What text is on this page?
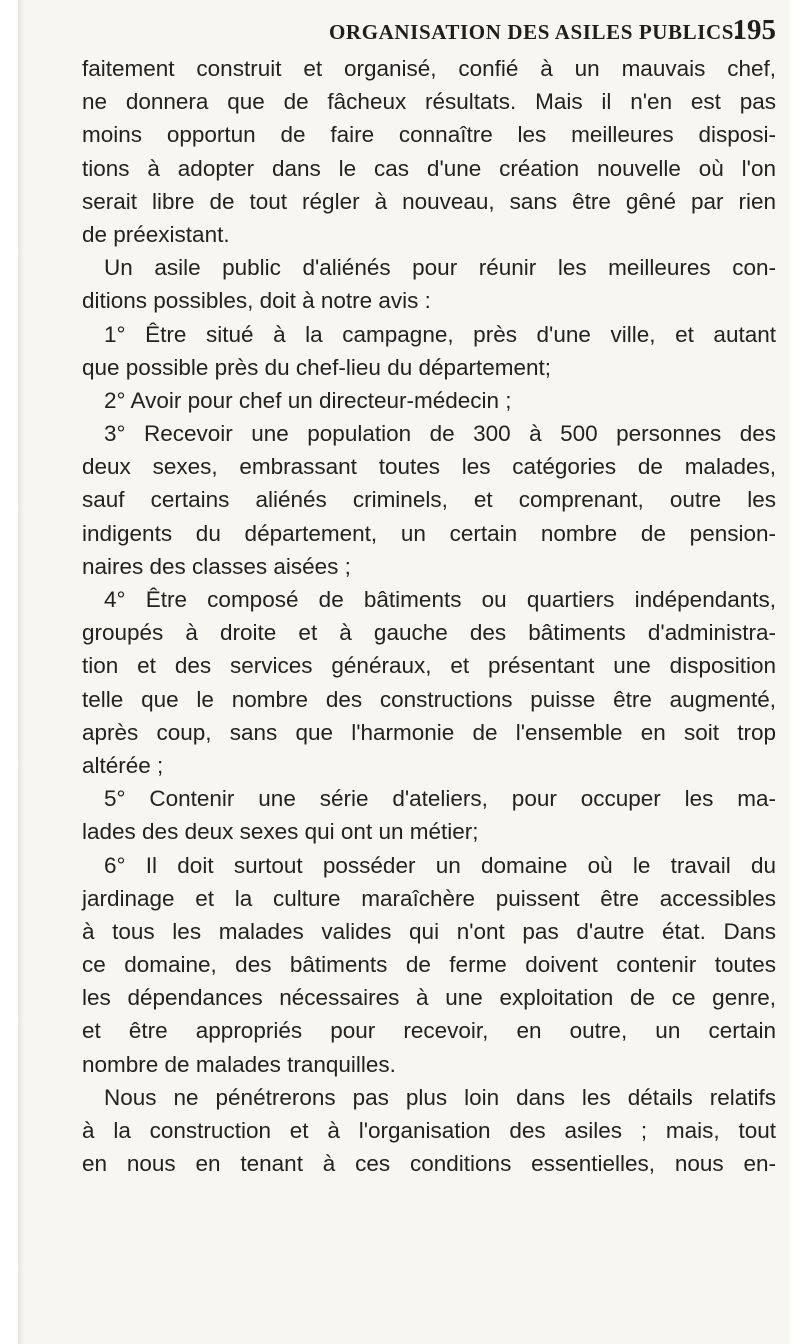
ORGANISATION DES ASILES PUBLICS.
195
faitement construit et organisé, confié à un mauvais chef,
ne donnera que de fâcheux résultats. Mais il n'en est pas
moins opportun de faire connaître les meilleures disposi-
tions à adopter dans le cas d'une création nouvelle où l'on
serait libre de tout régler à nouveau, sans être gêné par rien
de préexistant.
Un asile public d'aliénés pour réunir les meilleures con-
ditions possibles, doit à notre avis :
1° Être situé à la campagne, près d'une ville, et autant
que possible près du chef-lieu du département;
2° Avoir pour chef un directeur-médecin ;
3° Recevoir une population de 300 à 500 personnes des
deux sexes, embrassant toutes les catégories de malades,
sauf certains aliénés criminels, et comprenant, outre les
indigents du département, un certain nombre de pension-
naires des classes aisées ;
4° Être composé de bâtiments ou quartiers indépendants,
groupés à droite et à gauche des bâtiments d'administra-
tion et des services généraux, et présentant une disposition
telle que le nombre des constructions puisse être augmenté,
après coup, sans que l'harmonie de l'ensemble en soit trop
altérée ;
5° Contenir une série d'ateliers, pour occuper les ma-
lades des deux sexes qui ont un métier;
6° Il doit surtout posséder un domaine où le travail du
jardinage et la culture maraîchère puissent être accessibles
à tous les malades valides qui n'ont pas d'autre état. Dans
ce domaine, des bâtiments de ferme doivent contenir toutes
les dépendances nécessaires à une exploitation de ce genre,
et être appropriés pour recevoir, en outre, un certain
nombre de malades tranquilles.
Nous ne pénétrerons pas plus loin dans les détails relatifs
à la construction et à l'organisation des asiles ; mais, tout
en nous en tenant à ces conditions essentielles, nous en-
